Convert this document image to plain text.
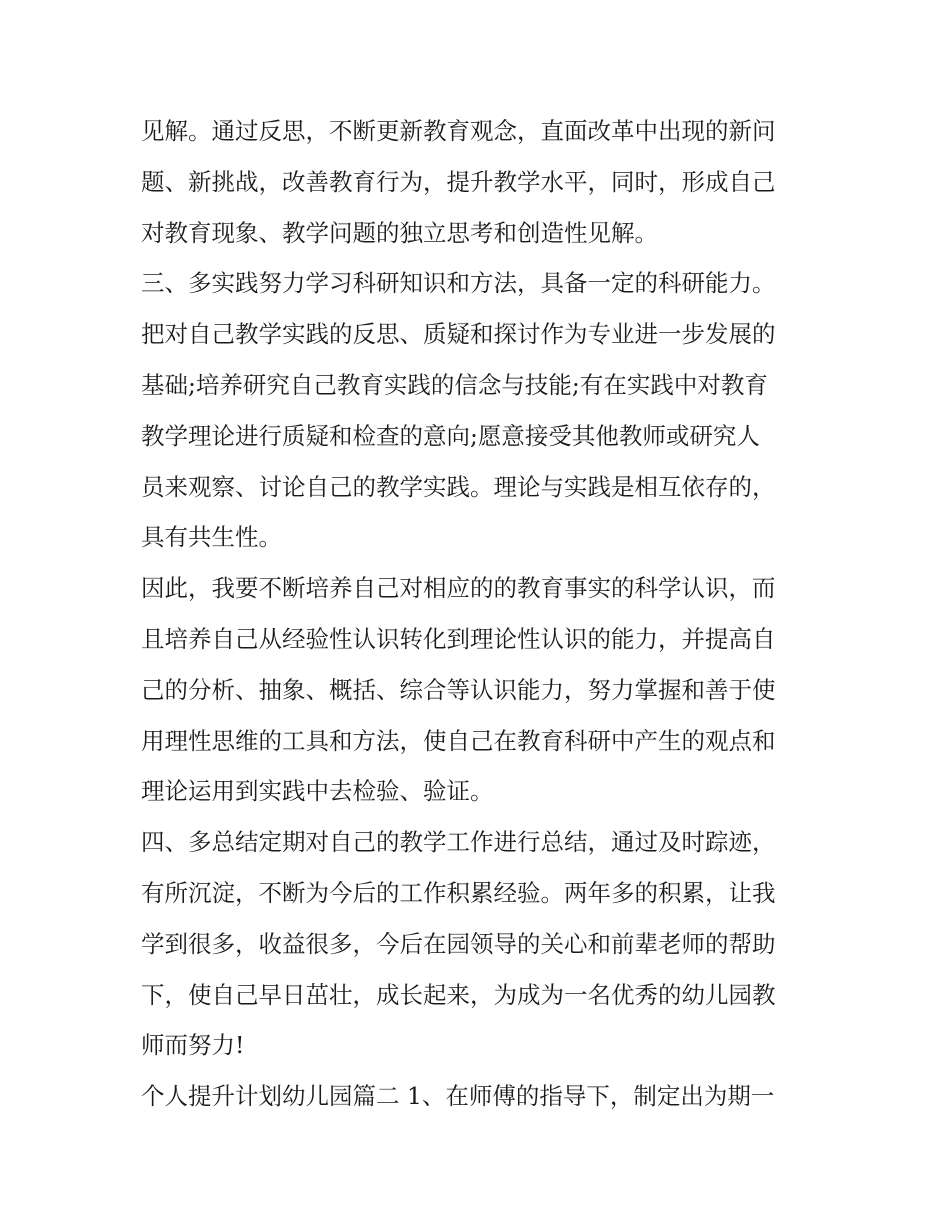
见解。通过反思，不断更新教育观念，直面改革中出现的新问
题、新挑战，改善教育行为，提升教学水平，同时，形成自己
对教育现象、教学问题的独立思考和创造性见解。
三、多实践努力学习科研知识和方法，具备一定的科研能力。
把对自己教学实践的反思、质疑和探讨作为专业进一步发展的
基础;培养研究自己教育实践的信念与技能;有在实践中对教育
教学理论进行质疑和检查的意向;愿意接受其他教师或研究人
员来观察、讨论自己的教学实践。理论与实践是相互依存的，
具有共生性。
因此，我要不断培养自己对相应的的教育事实的科学认识，而
且培养自己从经验性认识转化到理论性认识的能力，并提高自
己的分析、抽象、概括、综合等认识能力，努力掌握和善于使
用理性思维的工具和方法，使自己在教育科研中产生的观点和
理论运用到实践中去检验、验证。
四、多总结定期对自己的教学工作进行总结，通过及时踪迹，
有所沉淀，不断为今后的工作积累经验。两年多的积累，让我
学到很多，收益很多，今后在园领导的关心和前辈老师的帮助
下，使自己早日茁壮，成长起来，为成为一名优秀的幼儿园教
师而努力!
个人提升计划幼儿园篇二 1、在师傅的指导下，制定出为期一
